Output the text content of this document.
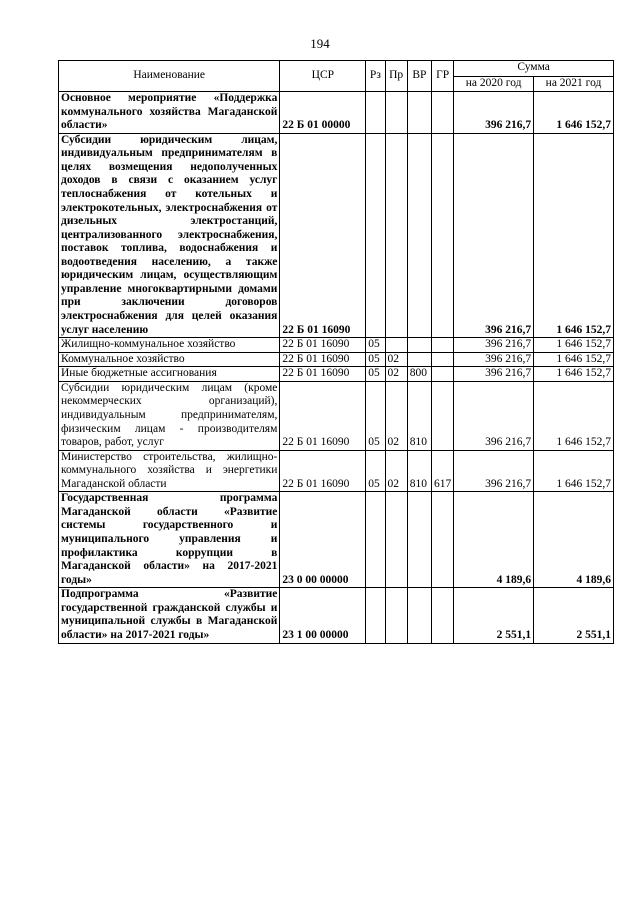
194
Наименование	ЦСР	Рз	Пр	ВР	ГР	Сумма	
						на 2020 год	на 2021 год
Основное мероприятие «Поддержка коммунального хозяйства Магаданской области»	22 Б 01 00000					396 216,7	1 646 152,7
Субсидии юридическим лицам, индивидуальным предпринимателям в целях возмещения недополученных доходов в связи с оказанием услуг теплоснабжения от котельных и электрокотельных, электроснабжения от дизельных электростанций, централизованного электроснабжения, поставок топлива, водоснабжения и водоотведения населению, а также юридическим лицам, осуществляющим управление многоквартирными домами при заключении договоров электроснабжения для целей оказания услуг населению	22 Б 01 16090					396 216,7	1 646 152,7
Жилищно-коммунальное хозяйство	22 Б 01 16090	05				396 216,7	1 646 152,7
Коммунальное хозяйство	22 Б 01 16090	05	02			396 216,7	1 646 152,7
Иные бюджетные ассигнования	22 Б 01 16090	05	02	800		396 216,7	1 646 152,7
Субсидии юридическим лицам (кроме некоммерческих организаций), индивидуальным предпринимателям, физическим лицам - производителям товаров, работ, услуг	22 Б 01 16090	05	02	810		396 216,7	1 646 152,7
Министерство строительства, жилищно-коммунального хозяйства и энергетики Магаданской области	22 Б 01 16090	05	02	810	617	396 216,7	1 646 152,7
Государственная программа Магаданской области «Развитие системы государственного и муниципального управления и профилактика коррупции в Магаданской области» на 2017-2021 годы»	23 0 00 00000					4 189,6	4 189,6
Подпрограмма «Развитие государственной гражданской службы и муниципальной службы в Магаданской области» на 2017-2021 годы»	23 1 00 00000					2 551,1	2 551,1
